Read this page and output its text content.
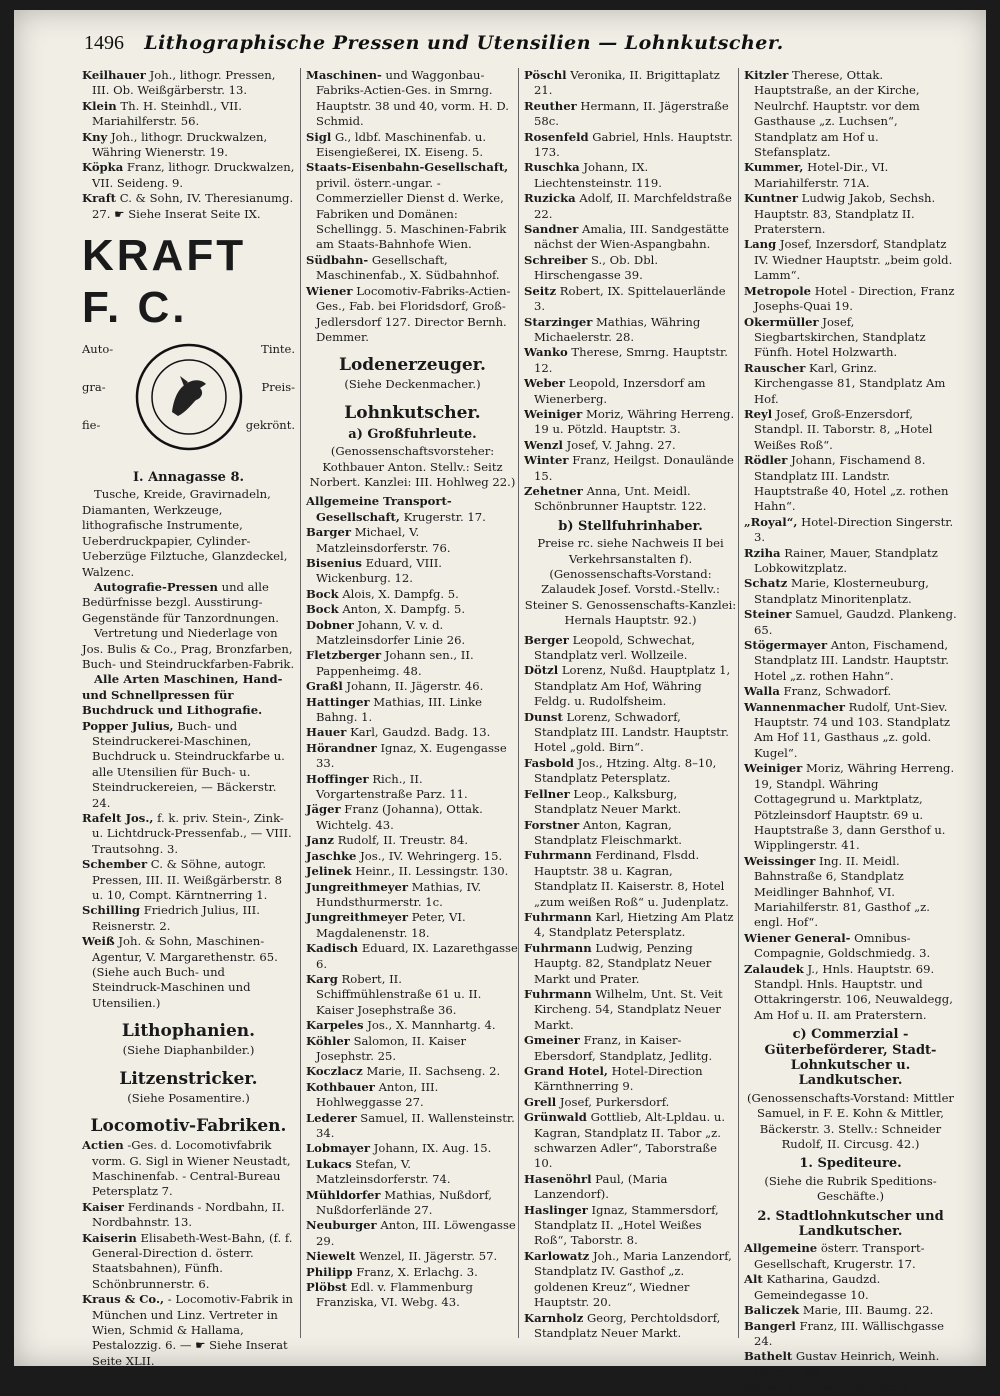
1496	Lithographische Pressen und Utensilien — Lohnkutscher.

Keilhauer Joh., lithogr. Pressen, III. Ob. Weißgärberstr. 13.

Klein Th. H. Steinhdl., VII. Mariahilferstr. 56.

Kny Joh., lithogr. Druckwalzen, Währing Wienerstr. 19.

Köpka Franz, lithogr. Druckwalzen, VII. Seideng. 9.

Kraft C. & Sohn, IV. Theresianumg. 27. ☛ Siehe Inserat Seite IX.

KRAFT F. C.
Auto-
gra-
fie-
Tinte.
Preis-
gekrönt.

I. Annagasse 8.

Tusche, Kreide, Gravirnadeln, Diamanten, Werkzeuge, lithografische Instrumente, Ueberdruckpapier, Cylinder-Ueberzüge Filztuche, Glanzdeckel, Walzenc.

Autografie-Pressen und alle Bedürfnisse bezgl. Ausstirung-Gegenstände für Tanzordnungen.

Vertretung und Niederlage von Jos. Bulis & Co., Prag, Bronzfarben, Buch- und Steindruckfarben-Fabrik.

Alle Arten Maschinen, Hand- und Schnellpressen für Buchdruck und Lithografie.

Popper Julius, Buch- und Steindruckerei-Maschinen, Buchdruck u. Steindruckfarbe u. alle Utensilien für Buch- u. Steindruckereien, — Bäckerstr. 24.

Rafelt Jos., f. k. priv. Stein-, Zink- u. Lichtdruck-Pressenfab., — VIII. Trautsohng. 3.

Schember C. & Söhne, autogr. Pressen, III. II. Weißgärberstr. 8 u. 10, Compt. Kärntnerring 1.

Schilling Friedrich Julius, III. Reisnerstr. 2.

Weiß Joh. & Sohn, Maschinen-Agentur, V. Margarethenstr. 65. (Siehe auch Buch- und Steindruck-Maschinen und Utensilien.)

Lithophanien.
(Siehe Diaphanbilder.)
Litzenstricker.
(Siehe Posamentire.)
Locomotiv-Fabriken.

Actien -Ges. d. Locomotivfabrik vorm. G. Sigl in Wiener Neustadt, Maschinenfab. - Central-Bureau Petersplatz 7.

Kaiser Ferdinands - Nordbahn, II. Nordbahnstr. 13.

Kaiserin Elisabeth-West-Bahn, (f. f. General-Direction d. österr. Staatsbahnen), Fünfh. Schönbrunnerstr. 6.

Kraus & Co., - Locomotiv-Fabrik in München und Linz. Vertreter in Wien, Schmid & Hallama, Pestalozzig. 6. — ☛ Siehe Inserat Seite XLII.

Maschinen- und Waggonbau-Fabriks-Actien-Ges. in Smrng. Hauptstr. 38 und 40, vorm. H. D. Schmid.

Sigl G., ldbf. Maschinenfab. u. Eisengießerei, IX. Eiseng. 5.

Staats-Eisenbahn-Gesellschaft, privil. österr.-ungar. - Commerzieller Dienst d. Werke, Fabriken und Domänen: Schellingg. 5. Maschinen-Fabrik am Staats-Bahnhofe Wien.

Südbahn- Gesellschaft, Maschinenfab., X. Südbahnhof.

Wiener Locomotiv-Fabriks-Actien-Ges., Fab. bei Floridsdorf, Groß-Jedlersdorf 127. Director Bernh. Demmer.

Lodenerzeuger.
(Siehe Deckenmacher.)
Lohnkutscher.
a) Großfuhrleute.
(Genossenschaftsvorsteher: Kothbauer Anton. Stellv.: Seitz Norbert. Kanzlei: III. Hohlweg 22.)

Allgemeine Transport-Gesellschaft, Krugerstr. 17.

Barger Michael, V. Matzleinsdorferstr. 76.

Bisenius Eduard, VIII. Wickenburg. 12.

Bock Alois, X. Dampfg. 5.

Bock Anton, X. Dampfg. 5.

Dobner Johann, V. v. d. Matzleinsdorfer Linie 26.

Fletzberger Johann sen., II. Pappenheimg. 48.

Graßl Johann, II. Jägerstr. 46.

Hattinger Mathias, III. Linke Bahng. 1.

Hauer Karl, Gaudzd. Badg. 13.

Hörandner Ignaz, X. Eugengasse 33.

Hoffinger Rich., II. Vorgartenstraße Parz. 11.

Jäger Franz (Johanna), Ottak. Wichtelg. 43.

Janz Rudolf, II. Treustr. 84.

Jaschke Jos., IV. Wehringerg. 15.

Jelinek Heinr., II. Lessingstr. 130.

Jungreithmeyer Mathias, IV. Hundsthurmerstr. 1c.

Jungreithmeyer Peter, VI. Magdalenenstr. 18.

Kadisch Eduard, IX. Lazarethgasse 6.

Karg Robert, II. Schiffmühlenstraße 61 u. II. Kaiser Josephstraße 36.

Karpeles Jos., X. Mannhartg. 4.

Köhler Salomon, II. Kaiser Josephstr. 25.

Koczlacz Marie, II. Sachseng. 2.

Kothbauer Anton, III. Hohlweggasse 27.

Lederer Samuel, II. Wallensteinstr. 34.

Lobmayer Johann, IX. Aug. 15.

Lukacs Stefan, V. Matzleinsdorferstr. 74.

Mühldorfer Mathias, Nußdorf, Nußdorferlände 27.

Neuburger Anton, III. Löwengasse 29.

Niewelt Wenzel, II. Jägerstr. 57.

Philipp Franz, X. Erlachg. 3.

Plöbst Edl. v. Flammenburg Franziska, VI. Webg. 43.

Pöschl Veronika, II. Brigittaplatz 21.

Reuther Hermann, II. Jägerstraße 58c.

Rosenfeld Gabriel, Hnls. Hauptstr. 173.

Ruschka Johann, IX. Liechtensteinstr. 119.

Ruzicka Adolf, II. Marchfeldstraße 22.

Sandner Amalia, III. Sandgestätte nächst der Wien-Aspangbahn.

Schreiber S., Ob. Dbl. Hirschengasse 39.

Seitz Robert, IX. Spittelauerlände 3.

Starzinger Mathias, Währing Michaelerstr. 28.

Wanko Therese, Smrng. Hauptstr. 12.

Weber Leopold, Inzersdorf am Wienerberg.

Weiniger Moriz, Währing Herreng. 19 u. Pötzld. Hauptstr. 3.

Wenzl Josef, V. Jahng. 27.

Winter Franz, Heilgst. Donaulände 15.

Zehetner Anna, Unt. Meidl. Schönbrunner Hauptstr. 122.

b) Stellfuhrinhaber.
Preise rc. siehe Nachweis II bei Verkehrsanstalten f). (Genossenschafts-Vorstand: Zalaudek Josef. Vorstd.-Stellv.: Steiner S. Genossenschafts-Kanzlei: Hernals Hauptstr. 92.)

Berger Leopold, Schwechat, Standplatz verl. Wollzeile.

Dötzl Lorenz, Nußd. Hauptplatz 1, Standplatz Am Hof, Währing Feldg. u. Rudolfsheim.

Dunst Lorenz, Schwadorf, Standplatz III. Landstr. Hauptstr. Hotel „gold. Birn“.

Fasbold Jos., Htzing. Altg. 8–10, Standplatz Petersplatz.

Fellner Leop., Kalksburg, Standplatz Neuer Markt.

Forstner Anton, Kagran, Standplatz Fleischmarkt.

Fuhrmann Ferdinand, Flsdd. Hauptstr. 38 u. Kagran, Standplatz II. Kaiserstr. 8, Hotel „zum weißen Roß“ u. Judenplatz.

Fuhrmann Karl, Hietzing Am Platz 4, Standplatz Petersplatz.

Fuhrmann Ludwig, Penzing Hauptg. 82, Standplatz Neuer Markt und Prater.

Fuhrmann Wilhelm, Unt. St. Veit Kircheng. 54, Standplatz Neuer Markt.

Gmeiner Franz, in Kaiser-Ebersdorf, Standplatz, Jedlitg.

Grand Hotel, Hotel-Direction Kärnthnerring 9.

Grell Josef, Purkersdorf.

Grünwald Gottlieb, Alt-Lpldau. u. Kagran, Standplatz II. Tabor „z. schwarzen Adler“, Taborstraße 10.

Hasenöhrl Paul, (Maria Lanzendorf).

Haslinger Ignaz, Stammersdorf, Standplatz II. „Hotel Weißes Roß“, Taborstr. 8.

Karlowatz Joh., Maria Lanzendorf, Standplatz IV. Gasthof „z. goldenen Kreuz“, Wiedner Hauptstr. 20.

Karnholz Georg, Perchtoldsdorf, Standplatz Neuer Markt.

Kitzler Therese, Ottak. Hauptstraße, an der Kirche, Neulrchf. Hauptstr. vor dem Gasthause „z. Luchsen“, Standplatz am Hof u. Stefansplatz.

Kummer, Hotel-Dir., VI. Mariahilferstr. 71A.

Kuntner Ludwig Jakob, Sechsh. Hauptstr. 83, Standplatz II. Praterstern.

Lang Josef, Inzersdorf, Standplatz IV. Wiedner Hauptstr. „beim gold. Lamm“.

Metropole Hotel - Direction, Franz Josephs-Quai 19.

Okermüller Josef, Siegbartskirchen, Standplatz Fünfh. Hotel Holzwarth.

Rauscher Karl, Grinz. Kirchengasse 81, Standplatz Am Hof.

Reyl Josef, Groß-Enzersdorf, Standpl. II. Taborstr. 8, „Hotel Weißes Roß“.

Rödler Johann, Fischamend 8. Standplatz III. Landstr. Hauptstraße 40, Hotel „z. rothen Hahn“.

„Royal“, Hotel-Direction Singerstr. 3.

Rziha Rainer, Mauer, Standplatz Lobkowitzplatz.

Schatz Marie, Klosterneuburg, Standplatz Minoritenplatz.

Steiner Samuel, Gaudzd. Plankeng. 65.

Stögermayer Anton, Fischamend, Standplatz III. Landstr. Hauptstr. Hotel „z. rothen Hahn“.

Walla Franz, Schwadorf.

Wannenmacher Rudolf, Unt-Siev. Hauptstr. 74 und 103. Standplatz Am Hof 11, Gasthaus „z. gold. Kugel“.

Weiniger Moriz, Währing Herreng. 19, Standpl. Währing Cottagegrund u. Marktplatz, Pötzleinsdorf Hauptstr. 69 u. Hauptstraße 3, dann Gersthof u. Wipplingerstr. 41.

Weissinger Ing. II. Meidl. Bahnstraße 6, Standplatz Meidlinger Bahnhof, VI. Mariahilferstr. 81, Gasthof „z. engl. Hof“.

Wiener General- Omnibus-Compagnie, Goldschmiedg. 3.

Zalaudek J., Hnls. Hauptstr. 69. Standpl. Hnls. Hauptstr. und Ottakringerstr. 106, Neuwaldegg, Am Hof u. II. am Praterstern.

c) Commerzial - Güterbeförderer, Stadt-Lohnkutscher u. Landkutscher.
(Genossenschafts-Vorstand: Mittler Samuel, in F. E. Kohn & Mittler, Bäckerstr. 3. Stellv.: Schneider Rudolf, II. Circusg. 42.)
1. Spediteure.
(Siehe die Rubrik Speditions-Geschäfte.)
2. Stadtlohnkutscher und Landkutscher.

Allgemeine österr. Transport-Gesellschaft, Krugerstr. 17.

Alt Katharina, Gaudzd. Gemeindegasse 10.

Baliczek Marie, III. Baumg. 22.

Bangerl Franz, III. Wällischgasse 24.

Bathelt Gustav Heinrich, Weinh. Herrng. 28.

Bauer Antonie, Singerstr. 3.
